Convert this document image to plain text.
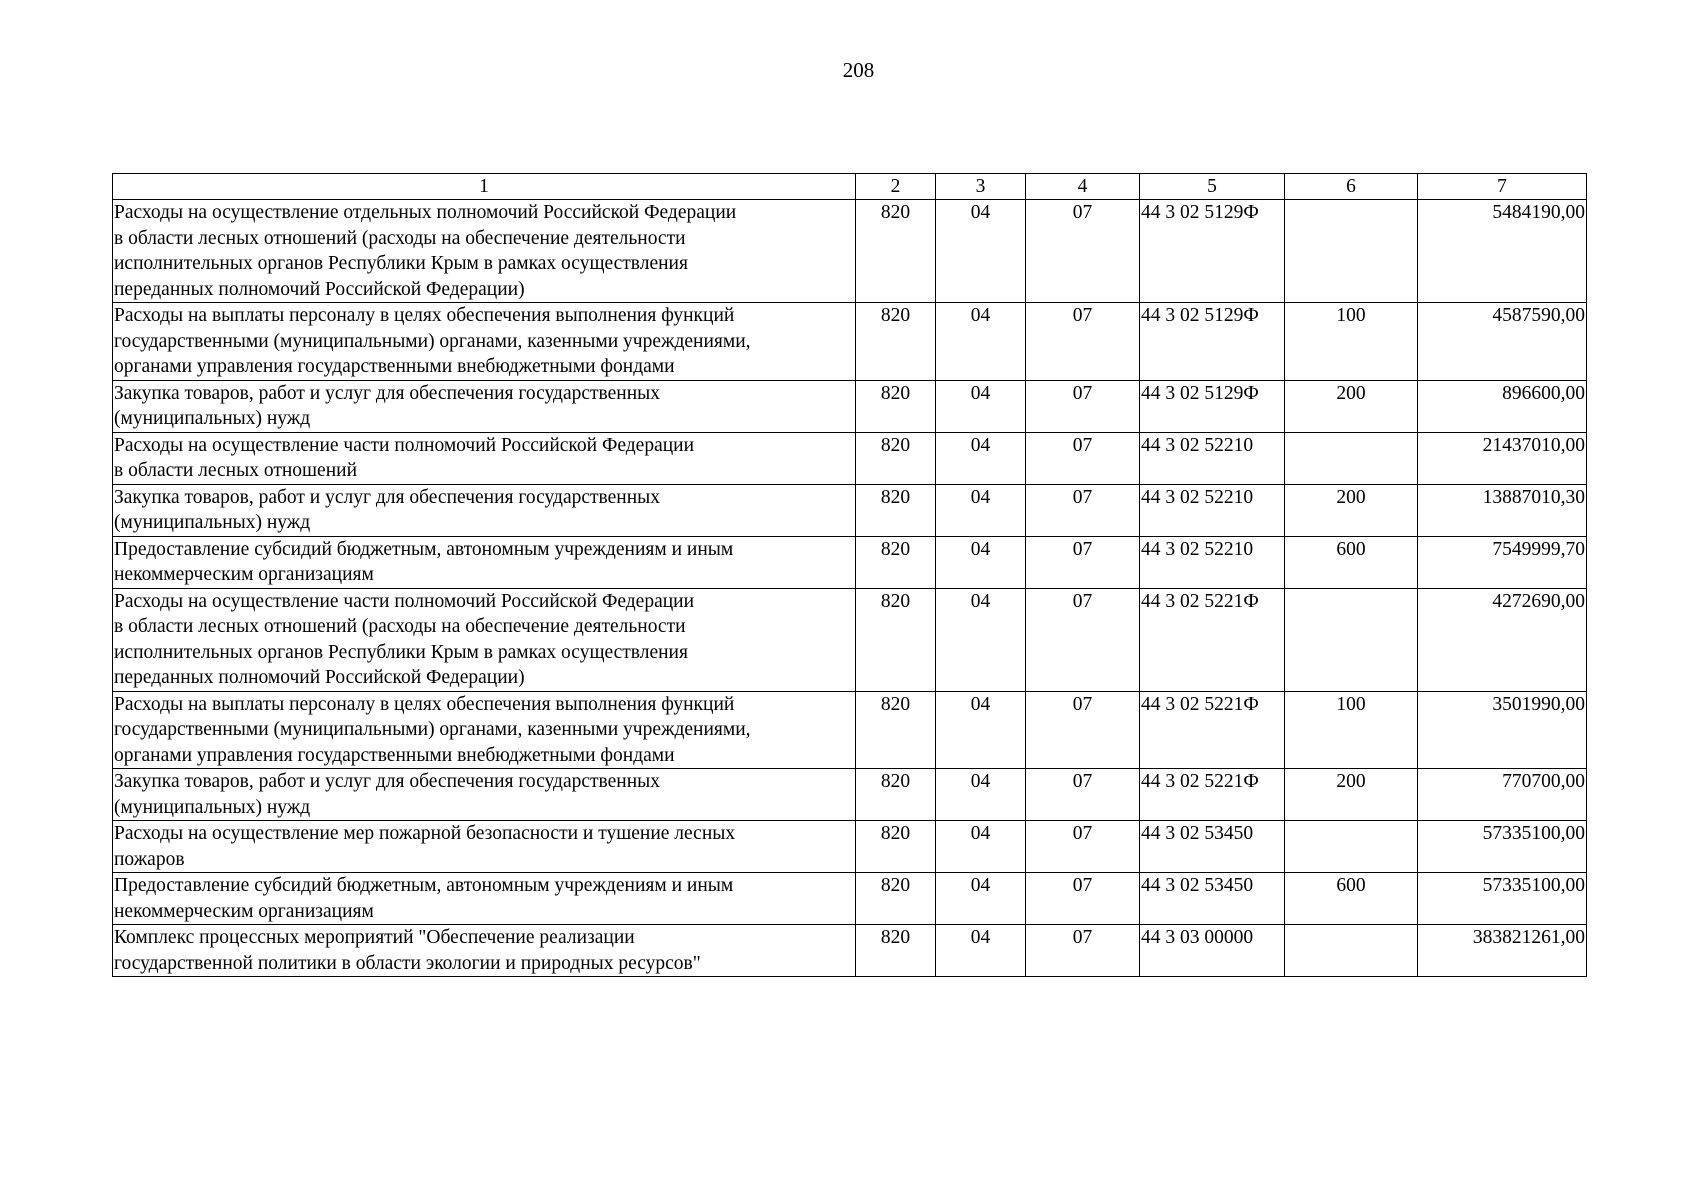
208
1	2	3	4	5	6	7

Расходы на осуществление отдельных полномочий Российской Федерации
в области лесных отношений (расходы на обеспечение деятельности
исполнительных органов Республики Крым в рамках осуществления
переданных полномочий Российской Федерации)	820	04	07	44 3 02 5129Ф		5484190,00

Расходы на выплаты персоналу в целях обеспечения выполнения функций
государственными (муниципальными) органами, казенными учреждениями,
органами управления государственными внебюджетными фондами	820	04	07	44 3 02 5129Ф	100	4587590,00

Закупка товаров, работ и услуг для обеспечения государственных
(муниципальных) нужд	820	04	07	44 3 02 5129Ф	200	896600,00

Расходы на осуществление части полномочий Российской Федерации
в области лесных отношений	820	04	07	44 3 02 52210		21437010,00

Закупка товаров, работ и услуг для обеспечения государственных
(муниципальных) нужд	820	04	07	44 3 02 52210	200	13887010,30

Предоставление субсидий бюджетным, автономным учреждениям и иным
некоммерческим организациям	820	04	07	44 3 02 52210	600	7549999,70

Расходы на осуществление части полномочий Российской Федерации
в области лесных отношений (расходы на обеспечение деятельности
исполнительных органов Республики Крым в рамках осуществления
переданных полномочий Российской Федерации)	820	04	07	44 3 02 5221Ф		4272690,00

Расходы на выплаты персоналу в целях обеспечения выполнения функций
государственными (муниципальными) органами, казенными учреждениями,
органами управления государственными внебюджетными фондами	820	04	07	44 3 02 5221Ф	100	3501990,00

Закупка товаров, работ и услуг для обеспечения государственных
(муниципальных) нужд	820	04	07	44 3 02 5221Ф	200	770700,00

Расходы на осуществление мер пожарной безопасности и тушение лесных
пожаров	820	04	07	44 3 02 53450		57335100,00

Предоставление субсидий бюджетным, автономным учреждениям и иным
некоммерческим организациям	820	04	07	44 3 02 53450	600	57335100,00

Комплекс процессных мероприятий "Обеспечение реализации
государственной политики в области экологии и природных ресурсов"	820	04	07	44 3 03 00000		383821261,00
